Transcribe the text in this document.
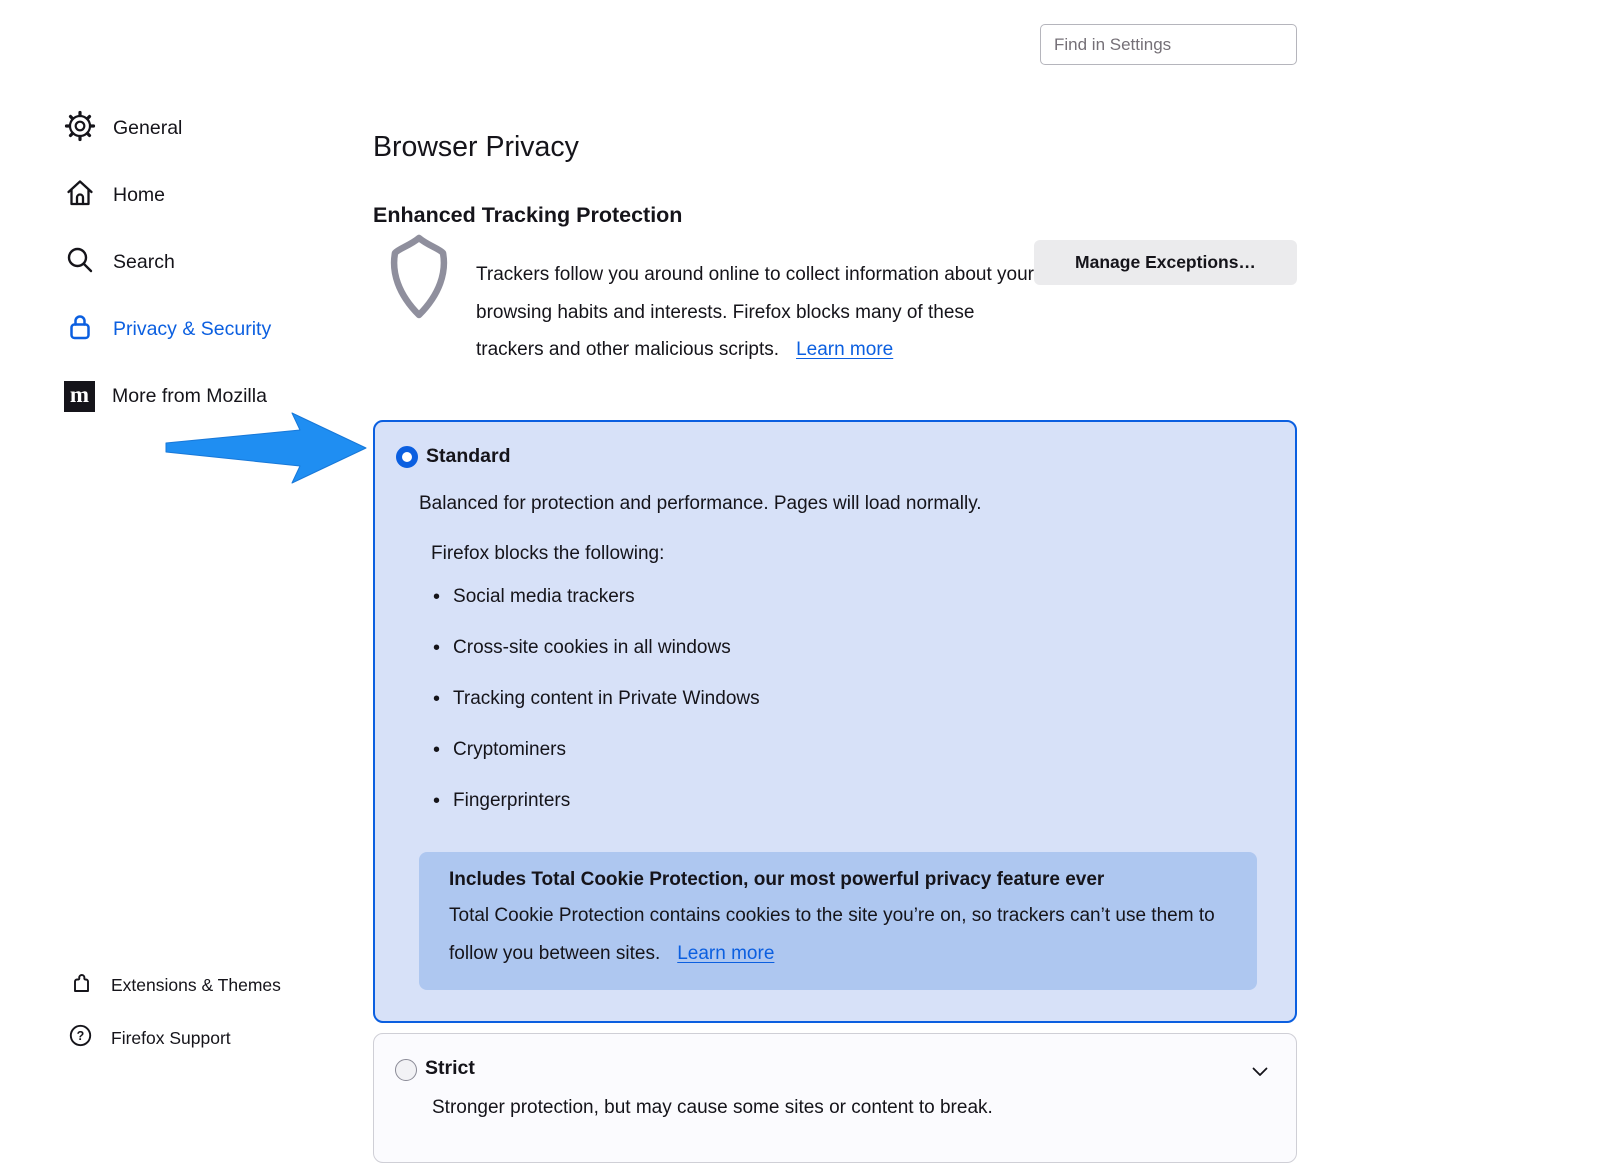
Find in Settings
General
Home
Search
Privacy & Security
m	More from Mozilla
Extensions & Themes
? Firefox Support
Browser Privacy
Enhanced Tracking Protection

Trackers follow you around online to collect information about your browsing habits and interests. Firefox blocks many of these trackers and other malicious scripts. Learn more

Manage Exceptions…
Standard
Balanced for protection and performance. Pages will load normally.
Firefox blocks the following:
• Social media trackers
• Cross-site cookies in all windows
• Tracking content in Private Windows
• Cryptominers
• Fingerprinters
Includes Total Cookie Protection, our most powerful privacy feature ever
Total Cookie Protection contains cookies to the site you’re on, so trackers can’t use them to follow you between sites. Learn more
Strict
Stronger protection, but may cause some sites or content to break.
